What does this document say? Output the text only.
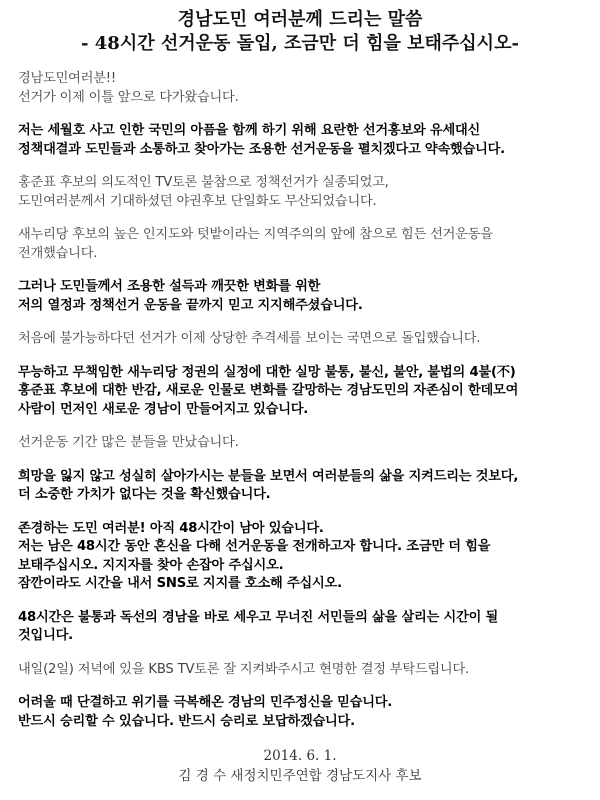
경남도민 여러분께 드리는 말씀
- 48시간 선거운동 돌입, 조금만 더 힘을 보태주십시오-
경남도민여러분!!
선거가 이제 이틀 앞으로 다가왔습니다.
저는 세월호 사고 인한 국민의 아픔을 함께 하기 위해 요란한 선거홍보와 유세대신
정책대결과 도민들과 소통하고 찾아가는 조용한 선거운동을 펼치겠다고 약속했습니다.
홍준표 후보의 의도적인 TV토론 불참으로 정책선거가 실종되었고,
도민여러분께서 기대하셨던 야권후보 단일화도 무산되었습니다.
새누리당 후보의 높은 인지도와 텃밭이라는 지역주의의 앞에 참으로 힘든 선거운동을
전개했습니다.
그러나 도민들께서 조용한 설득과 깨끗한 변화를 위한
저의 열정과 정책선거 운동을 끝까지 믿고 지지해주셨습니다.
처음에 불가능하다던 선거가 이제 상당한 추격세를 보이는 국면으로 돌입했습니다.
무능하고 무책임한 새누리당 정권의 실정에 대한 실망 불통, 불신, 불안, 불법의 4불(不)
홍준표 후보에 대한 반감, 새로운 인물로 변화를 갈망하는 경남도민의 자존심이 한데모여
사람이 먼저인 새로운 경남이 만들어지고 있습니다.
선거운동 기간 많은 분들을 만났습니다.
희망을 잃지 않고 성실히 살아가시는 분들을 보면서 여러분들의 삶을 지켜드리는 것보다,
더 소중한 가치가 없다는 것을 확신했습니다.
존경하는 도민 여러분! 아직 48시간이 남아 있습니다.
저는 남은 48시간 동안 혼신을 다해 선거운동을 전개하고자 합니다. 조금만 더 힘을
보태주십시오. 지지자를 찾아 손잡아 주십시오.
잠깐이라도 시간을 내서 SNS로 지지를 호소해 주십시오.
48시간은 불통과 독선의 경남을 바로 세우고 무너진 서민들의 삶을 살리는 시간이 될
것입니다.
내일(2일) 저녁에 있을 KBS TV토론 잘 지켜봐주시고 현명한 결정 부탁드립니다.
어려울 때 단결하고 위기를 극복해온 경남의 민주정신을 믿습니다.
반드시 승리할 수 있습니다. 반드시 승리로 보답하겠습니다.
2014. 6. 1.
김 경 수 새정치민주연합 경남도지사 후보
